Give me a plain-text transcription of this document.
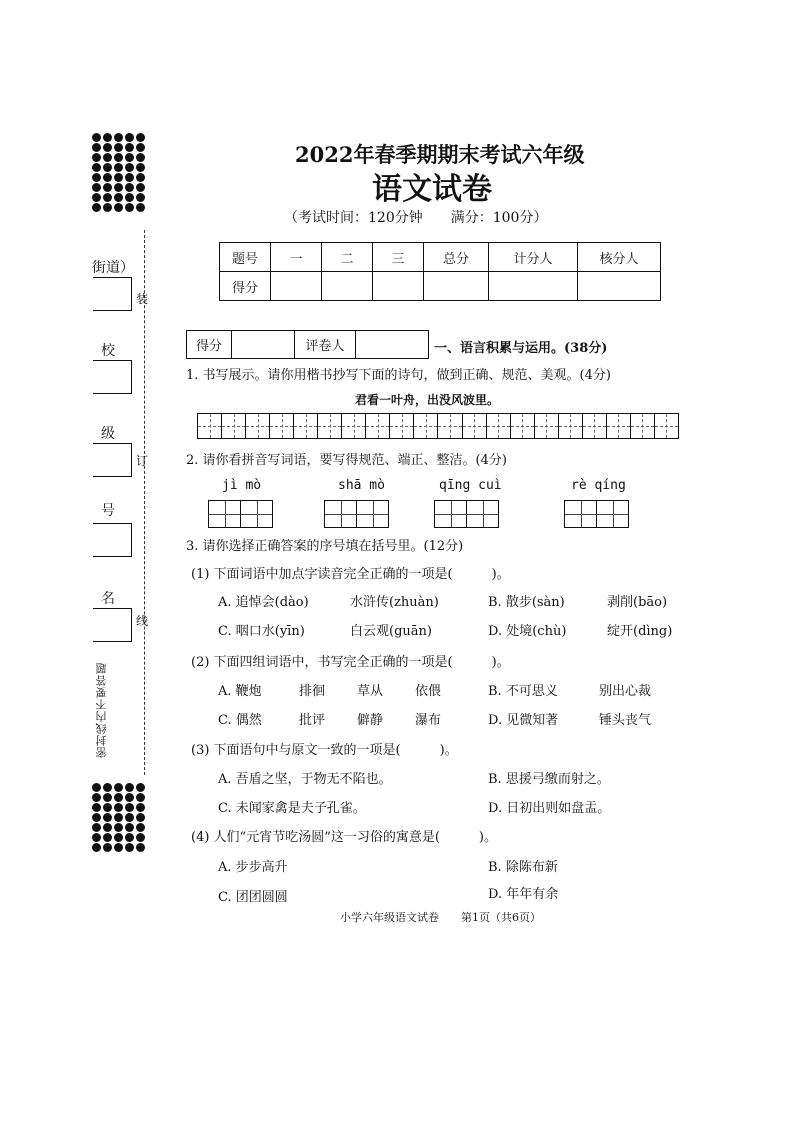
街道）
装
校
级
订
号
名
线
密封线内不要答题
2022年春季期期末考试六年级
语文试卷
（考试时间：120分钟　　满分：100分）
题号	一	二	三	总分	计分人	核分人
得分						
得分		评卷人		一、语言积累与运用。(38分)
1. 书写展示。请你用楷书抄写下面的诗句，做到正确、规范、美观。(4分)
君看一叶舟，出没风波里。
2. 请你看拼音写词语，要写得规范、端正、整洁。(4分)
jì mò	shā mò	qīng cuì	rè qíng
3. 请你选择正确答案的序号填在括号里。(12分)
(1) 下面词语中加点字读音完全正确的一项是(　　　)。
A. 追悼会(dào)	水浒传(zhuàn)	B. 散步(sàn)	剥削(bāo)
C. 咽口水(yīn)	白云观(guān)	D. 处境(chù)	绽开(dìng)
(2) 下面四组词语中，书写完全正确的一项是(　　　)。
A. 鞭炮	排徊 草从 依偎	B. 不可思义	别出心裁
C. 偶然	批评 僻静 瀑布	D. 见微知著	锤头丧气
(3) 下面语句中与原文一致的一项是(　　　)。
A. 吾盾之坚，于物无不陷也。	B. 思援弓缴而射之。
C. 未闻家禽是夫子孔雀。	D. 日初出则如盘盂。
(4) 人们“元宵节吃汤圆”这一习俗的寓意是(　　　)。
A. 步步高升	B. 除陈布新
C. 团团圆圆	D. 年年有余
小学六年级语文试卷　　第1页（共6页）
